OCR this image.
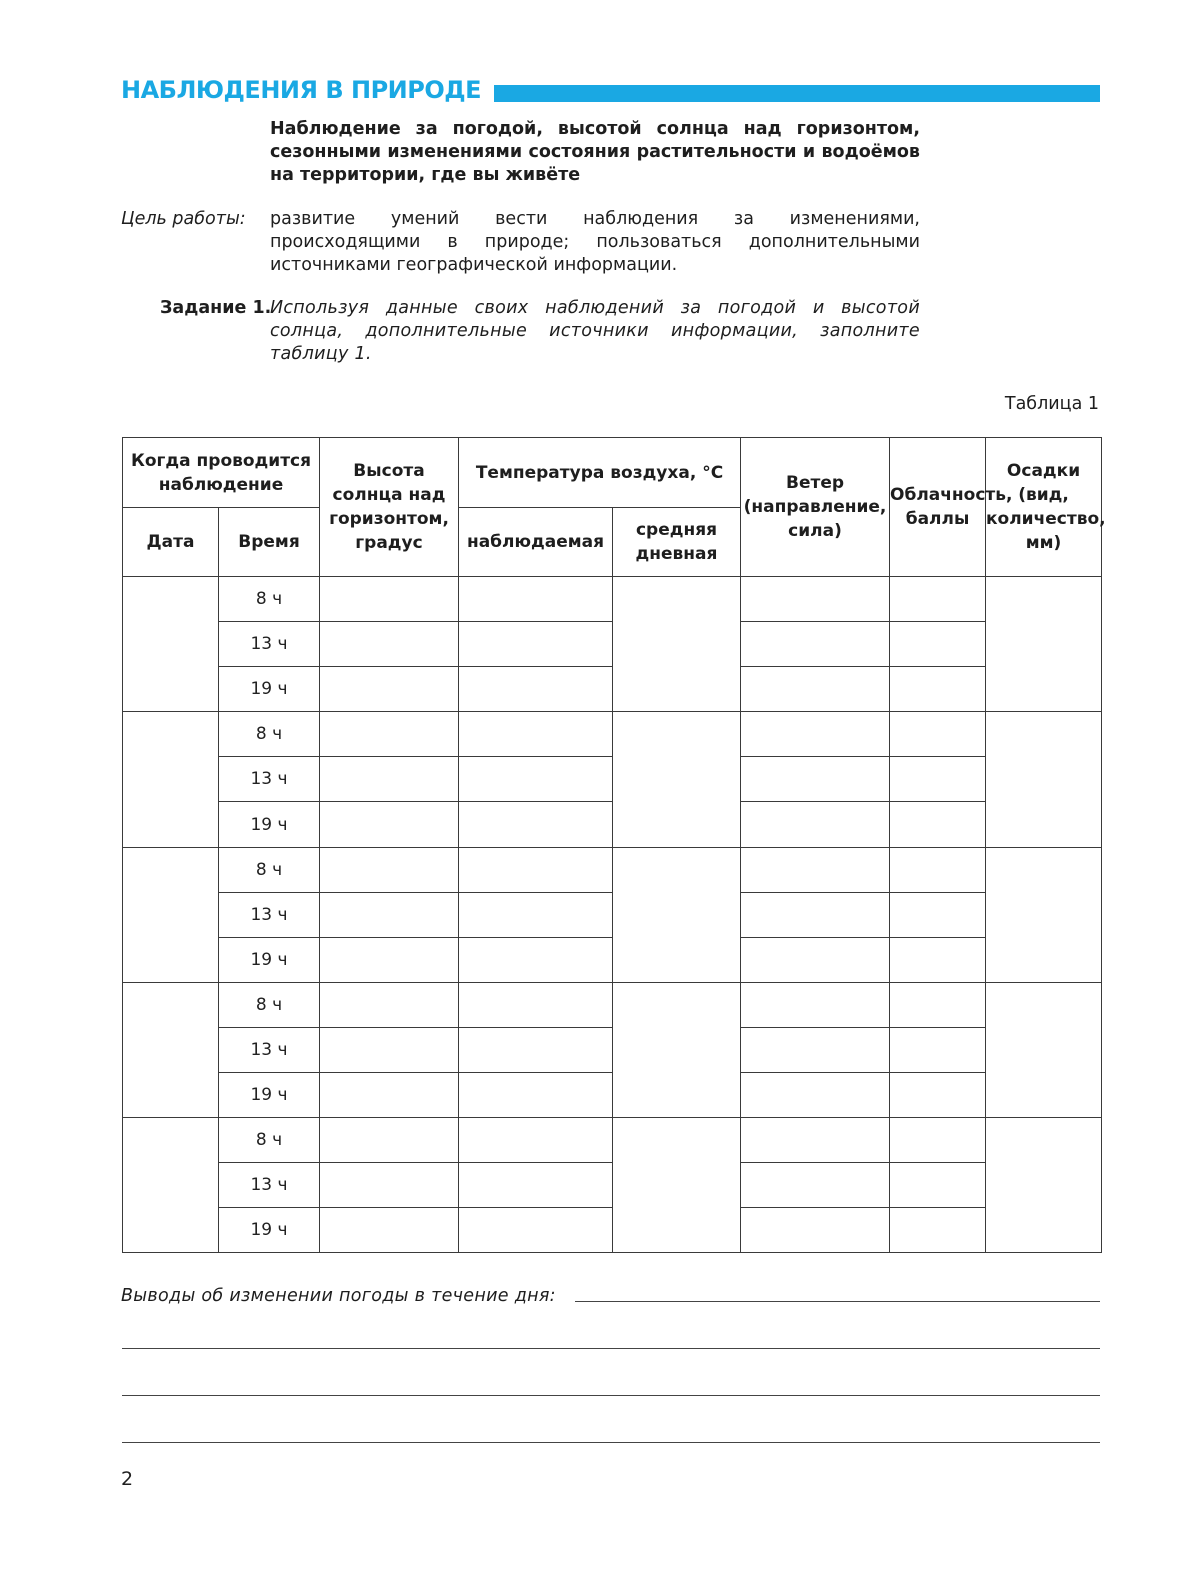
НАБЛЮДЕНИЯ В ПРИРОДЕ

Наблюдение за погодой, высотой солнца над горизонтом, сезонными изменениями состояния растительности и водоёмов на территории, где вы живёте

Цель работы: развитие умений вести наблюдения за изменениями, происходящими в природе; пользоваться дополнительными источниками географической информации.

Задание 1.

Используя данные своих наблюдений за погодой и высотой солнца, дополнительные источники информации, заполните таблицу 1.

Таблица 1
Когда проводится наблюдение		Высота солнца над горизонтом, градус	Температура воздуха, °С		Ветер (направление, сила)	Облачность, баллы	Осадки (вид, количество, мм)
Дата	Время		наблюдаемая	средняя дневная			
	8 ч						
	13 ч						
	19 ч						
	8 ч						
	13 ч						
	19 ч						
	8 ч						
	13 ч						
	19 ч						
	8 ч						
	13 ч						
	19 ч						
	8 ч						
	13 ч						
	19 ч						
Выводы об изменении погоды в течение дня:
2
